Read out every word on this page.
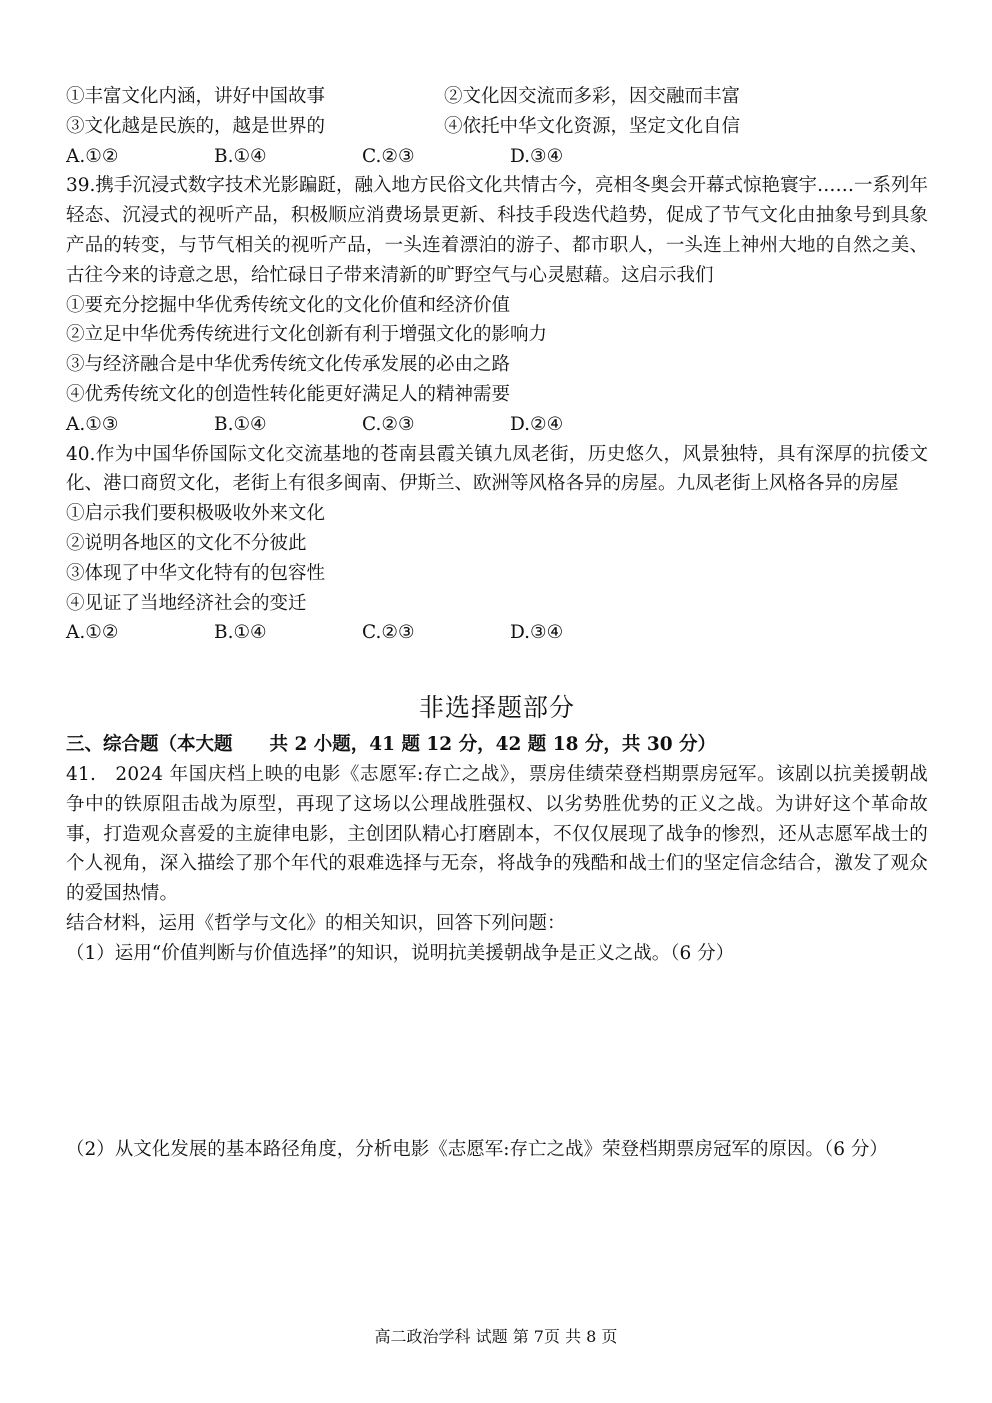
①丰富文化内涵，讲好中国故事	②文化因交流而多彩，因交融而丰富
③文化越是民族的，越是世界的	④依托中华文化资源，坚定文化自信
A.①②	B.①④	C.②③	D.③④
39.携手沉浸式数字技术光影蹁跹，融入地方民俗文化共情古今，亮相冬奥会开幕式惊艳寰宇……一系列年轻态、沉浸式的视听产品，积极顺应消费场景更新、科技手段迭代趋势，促成了节气文化由抽象号到具象产品的转变，与节气相关的视听产品，一头连着漂泊的游子、都市职人，一头连上神州大地的自然之美、古往今来的诗意之思，给忙碌日子带来清新的旷野空气与心灵慰藉。这启示我们
①要充分挖掘中华优秀传统文化的文化价值和经济价值
②立足中华优秀传统进行文化创新有利于增强文化的影响力
③与经济融合是中华优秀传统文化传承发展的必由之路
④优秀传统文化的创造性转化能更好满足人的精神需要
A.①③	B.①④	C.②③	D.②④
40.作为中国华侨国际文化交流基地的苍南县霞关镇九凤老街，历史悠久，风景独特，具有深厚的抗倭文化、港口商贸文化，老街上有很多闽南、伊斯兰、欧洲等风格各异的房屋。九凤老街上风格各异的房屋
①启示我们要积极吸收外来文化
②说明各地区的文化不分彼此
③体现了中华文化特有的包容性
④见证了当地经济社会的变迁
A.①②	B.①④	C.②③	D.③④
非选择题部分
三、综合题（本大题　　共 2 小题，41 题 12 分，42 题 18 分，共 30 分）
41.　2024 年国庆档上映的电影《志愿军:存亡之战》，票房佳绩荣登档期票房冠军。该剧以抗美援朝战争中的铁原阻击战为原型，再现了这场以公理战胜强权、以劣势胜优势的正义之战。为讲好这个革命故事，打造观众喜爱的主旋律电影，主创团队精心打磨剧本，不仅仅展现了战争的惨烈，还从志愿军战士的个人视角，深入描绘了那个年代的艰难选择与无奈，将战争的残酷和战士们的坚定信念结合，激发了观众的爱国热情。
结合材料，运用《哲学与文化》的相关知识，回答下列问题：
（1）运用“价值判断与价值选择”的知识，说明抗美援朝战争是正义之战。（6 分）
（2）从文化发展的基本路径角度，分析电影《志愿军:存亡之战》荣登档期票房冠军的原因。（6 分）
高二政治学科 试题 第 7页 共 8 页
